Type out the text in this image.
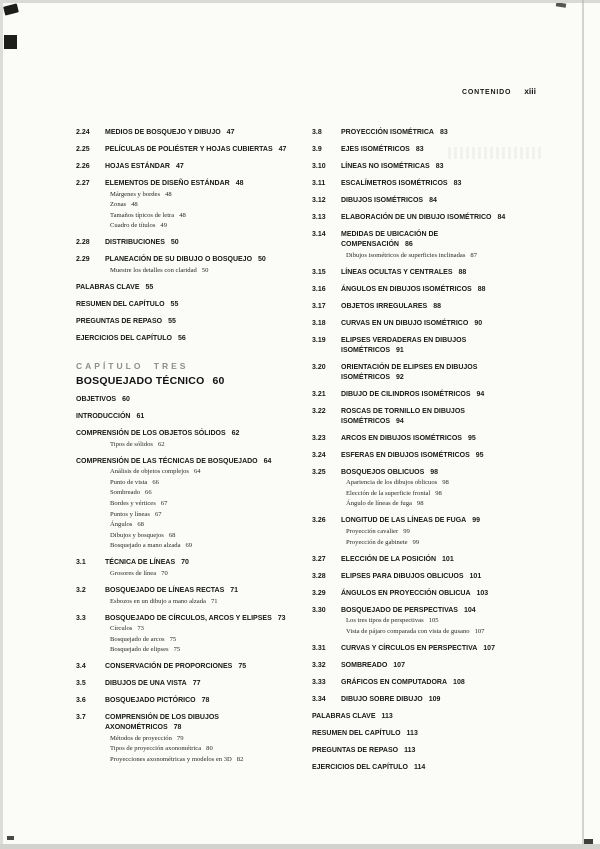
CONTENIDO xiii
2.24	MEDIOS DE BOSQUEJO Y DIBUJO 47
2.25	PELÍCULAS DE POLIÉSTER Y HOJAS CUBIERTAS 47
2.26	HOJAS ESTÁNDAR 47
2.27	ELEMENTOS DE DISEÑO ESTÁNDAR 48
Márgenes y bordes 48
Zonas 48
Tamaños típicos de letra 48
Cuadro de títulos 49
2.28	DISTRIBUCIONES 50
2.29	PLANEACIÓN DE SU DIBUJO O BOSQUEJO 50
Muestre los detalles con claridad 50
PALABRAS CLAVE 55
RESUMEN DEL CAPÍTULO 55
PREGUNTAS DE REPASO 55
EJERCICIOS DEL CAPÍTULO 56
CAPÍTULO TRES
BOSQUEJADO TÉCNICO 60
OBJETIVOS 60
INTRODUCCIÓN 61
COMPRENSIÓN DE LOS OBJETOS SÓLIDOS 62
Tipos de sólidos 62
COMPRENSIÓN DE LAS TÉCNICAS DE BOSQUEJADO 64
Análisis de objetos complejos 64
Punto de vista 66
Sombreado 66
Bordes y vértices 67
Puntos y líneas 67
Ángulos 68
Dibujos y bosquejos 68
Bosquejado a mano alzada 69
3.1	TÉCNICA DE LÍNEAS 70
Grosores de línea 70
3.2	BOSQUEJADO DE LÍNEAS RECTAS 71
Esbozos en un dibujo a mano alzada 71
3.3	BOSQUEJADO DE CÍRCULOS, ARCOS Y ELIPSES 73
Círculos 73
Bosquejado de arcos 75
Bosquejado de elipses 75
3.4	CONSERVACIÓN DE PROPORCIONES 75
3.5	DIBUJOS DE UNA VISTA 77
3.6	BOSQUEJADO PICTÓRICO 78
3.7	COMPRENSIÓN DE LOS DIBUJOS
AXONOMÉTRICOS 78
Métodos de proyección 79
Tipos de proyección axonométrica 80
Proyecciones axonométricas y modelos en 3D 82
3.8	PROYECCIÓN ISOMÉTRICA 83
3.9	EJES ISOMÉTRICOS 83
3.10	LÍNEAS NO ISOMÉTRICAS 83
3.11	ESCALÍMETROS ISOMÉTRICOS 83
3.12	DIBUJOS ISOMÉTRICOS 84
3.13	ELABORACIÓN DE UN DIBUJO ISOMÉTRICO 84
3.14	MEDIDAS DE UBICACIÓN DE
COMPENSACIÓN 86
Dibujos isométricos de superficies inclinadas 87
3.15	LÍNEAS OCULTAS Y CENTRALES 88
3.16	ÁNGULOS EN DIBUJOS ISOMÉTRICOS 88
3.17	OBJETOS IRREGULARES 88
3.18	CURVAS EN UN DIBUJO ISOMÉTRICO 90
3.19	ELIPSES VERDADERAS EN DIBUJOS
ISOMÉTRICOS 91
3.20	ORIENTACIÓN DE ELIPSES EN DIBUJOS
ISOMÉTRICOS 92
3.21	DIBUJO DE CILINDROS ISOMÉTRICOS 94
3.22	ROSCAS DE TORNILLO EN DIBUJOS
ISOMÉTRICOS 94
3.23	ARCOS EN DIBUJOS ISOMÉTRICOS 95
3.24	ESFERAS EN DIBUJOS ISOMÉTRICOS 95
3.25	BOSQUEJOS OBLICUOS 98
Apariencia de los dibujos oblicuos 98
Elección de la superficie frontal 98
Ángulo de líneas de fuga 98
3.26	LONGITUD DE LAS LÍNEAS DE FUGA 99
Proyección cavalier 99
Proyección de gabinete 99
3.27	ELECCIÓN DE LA POSICIÓN 101
3.28	ELIPSES PARA DIBUJOS OBLICUOS 101
3.29	ÁNGULOS EN PROYECCIÓN OBLICUA 103
3.30	BOSQUEJADO DE PERSPECTIVAS 104
Los tres tipos de perspectivas 105
Vista de pájaro comparada con vista de gusano 107
3.31	CURVAS Y CÍRCULOS EN PERSPECTIVA 107
3.32	SOMBREADO 107
3.33	GRÁFICOS EN COMPUTADORA 108
3.34	DIBUJO SOBRE DIBUJO 109
PALABRAS CLAVE 113
RESUMEN DEL CAPÍTULO 113
PREGUNTAS DE REPASO 113
EJERCICIOS DEL CAPÍTULO 114
